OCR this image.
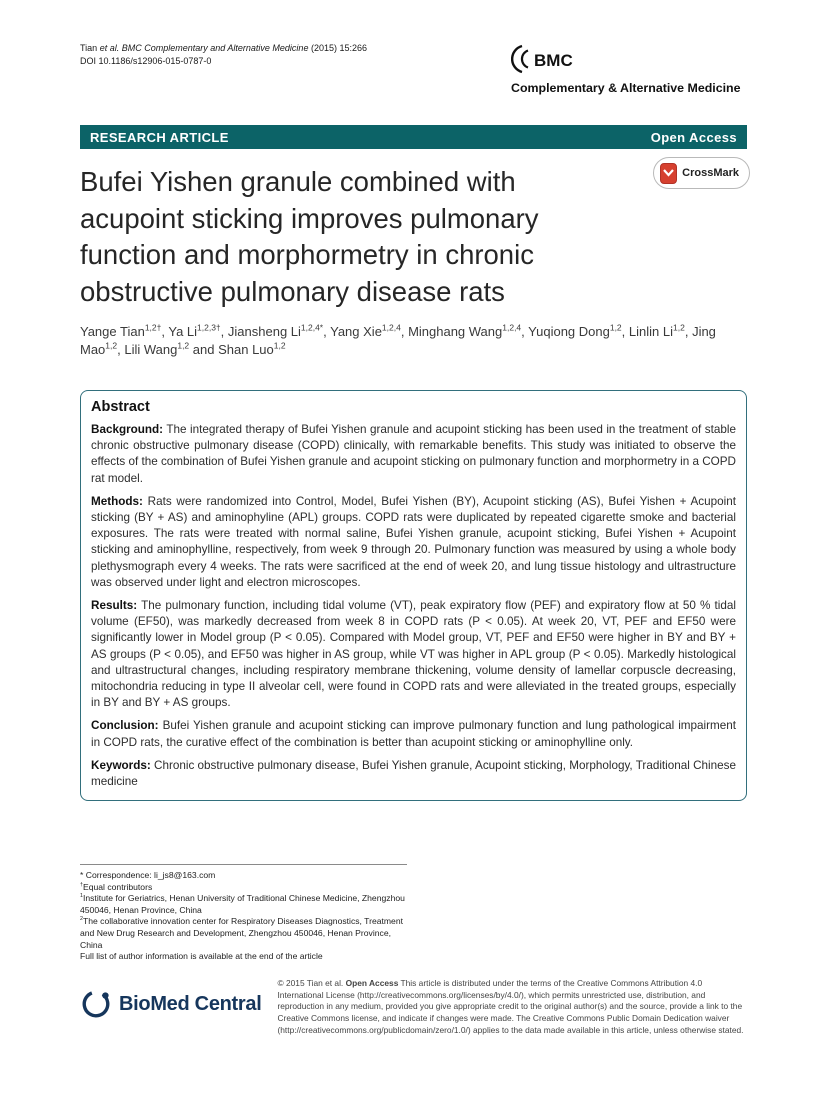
Tian et al. BMC Complementary and Alternative Medicine (2015) 15:266
DOI 10.1186/s12906-015-0787-0	BMC
Complementary & Alternative Medicine
RESEARCH ARTICLE	Open Access
CrossMark
Bufei Yishen granule combined with
acupoint sticking improves pulmonary
function and morphormetry in chronic
obstructive pulmonary disease rats
Yange Tian$^{1,2\dagger}$, Ya $Li^{1,2,3\dagger}$, Jiansheng $Li^{1,2,4*}$, Yang Xie$^{1,2,4}$, Minghang Wang$^{1,2,4}$, Yuqiong Dong$^{1,2}$, Linlin Li$^{1,2}$, Jing Mao$^{1,2}$, Lili Wang$^{1,2}$ and Shan Luo$^{1,2}$
Abstract

Background: The integrated therapy of Bufei Yishen granule and acupoint sticking has been used in the treatment of stable chronic obstructive pulmonary disease (COPD) clinically, with remarkable benefits. This study was initiated to observe the effects of the combination of Bufei Yishen granule and acupoint sticking on pulmonary function and morphormetry in a COPD rat model.

Methods: Rats were randomized into Control, Model, Bufei Yishen (BY), Acupoint sticking (AS), Bufei Yishen + Acupoint sticking (BY + AS) and aminophyline (APL) groups. COPD rats were duplicated by repeated cigarette smoke and bacterial exposures. The rats were treated with normal saline, Bufei Yishen granule, acupoint sticking, Bufei Yishen + Acupoint sticking and aminophylline, respectively, from week 9 through 20. Pulmonary function was measured by using a whole body plethysmograph every 4 weeks. The rats were sacrificed at the end of week 20, and lung tissue histology and ultrastructure was observed under light and electron microscopes.

Results: The pulmonary function, including tidal volume (VT), peak expiratory flow (PEF) and expiratory flow at 50 % tidal volume (EF50), was markedly decreased from week 8 in COPD rats (P < 0.05). At week 20, VT, PEF and EF50 were significantly lower in Model group (P < 0.05). Compared with Model group, VT, PEF and EF50 were higher in BY and BY + AS groups (P < 0.05), and EF50 was higher in AS group, while VT was higher in APL group (P < 0.05). Markedly histological and ultrastructural changes, including respiratory membrane thickening, volume density of lamellar corpuscle decreasing, mitochondria reducing in type II alveolar cell, were found in COPD rats and were alleviated in the treated groups, especially in BY and BY + AS groups.

Conclusion: Bufei Yishen granule and acupoint sticking can improve pulmonary function and lung pathological impairment in COPD rats, the curative effect of the combination is better than acupoint sticking or aminophylline only.

Keywords: Chronic obstructive pulmonary disease, Bufei Yishen granule, Acupoint sticking, Morphology, Traditional Chinese medicine

* Correspondence: li_js8@163.com
†Equal contributors
$^1$Institute for Geriatrics, Henan University of Traditional Chinese Medicine, Zhengzhou 450046, Henan Province, China
$^2$The collaborative innovation center for Respiratory Diseases Diagnostics, Treatment and New Drug Research and Development, Zhengzhou 450046, Henan Province, China
Full list of author information is available at the end of the article
BioMed Central

© 2015 Tian et al. Open Access This article is distributed under the terms of the Creative Commons Attribution 4.0 International License (http://creativecommons.org/licenses/by/4.0/), which permits unrestricted use, distribution, and reproduction in any medium, provided you give appropriate credit to the original author(s) and the source, provide a link to the Creative Commons license, and indicate if changes were made. The Creative Commons Public Domain Dedication waiver (http://creativecommons.org/publicdomain/zero/1.0/) applies to the data made available in this article, unless otherwise stated.
